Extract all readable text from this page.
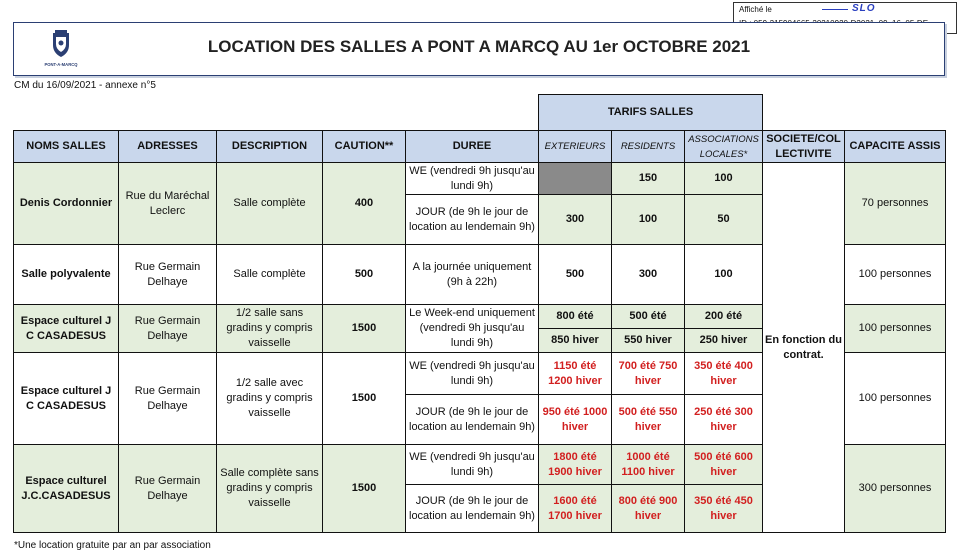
Affiché le	SLO
PONT-A-MARCQ
LOCATION DES SALLES A PONT A MARCQ AU 1er OCTOBRE 2021
CM du 16/09/2021 - annexe n°5
					TARIFS SALLES				
NOMS SALLES	ADRESSES	DESCRIPTION	CAUTION**	DUREE	EXTERIEURS	RESIDENTS	ASSOCIATIONS LOCALES*	SOCIETE/COLLECTIVITE	CAPACITE ASSIS
Denis Cordonnier	Rue du Maréchal Leclerc	Salle complète	400	WE (vendredi 9h jusqu'au lundi 9h)		150	100	En fonction du contrat.	70 personnes
				JOUR (de 9h le jour de location au lendemain 9h)	300	100	50		
Salle polyvalente	Rue Germain Delhaye	Salle complète	500	A la journée uniquement (9h à 22h)	500	300	100		100 personnes
Espace culturel J C CASADESUS	Rue Germain Delhaye	1/2 salle sans gradins y compris vaisselle	1500	Le Week-end uniquement (vendredi 9h jusqu'au lundi 9h)	800 été	500 été	200 été		100 personnes
					850 hiver	550 hiver	250 hiver		
Espace culturel J C CASADESUS	Rue Germain Delhaye	1/2 salle avec gradins y compris vaisselle	1500	WE (vendredi 9h jusqu'au lundi 9h)	1150 été 1200 hiver	700 été 750 hiver	350 été 400 hiver		100 personnes
				JOUR (de 9h le jour de location au lendemain 9h)	950 été 1000 hiver	500 été 550 hiver	250 été 300 hiver		
Espace culturel J.C.CASADESUS	Rue Germain Delhaye	Salle complète sans gradins y compris vaisselle	1500	WE (vendredi 9h jusqu'au lundi 9h)	1800 été 1900 hiver	1000 été 1100 hiver	500 été 600 hiver		300 personnes
				JOUR (de 9h le jour de location au lendemain 9h)	1600 été 1700 hiver	800 été 900 hiver	350 été 450 hiver		
*Une location gratuite par an par association
